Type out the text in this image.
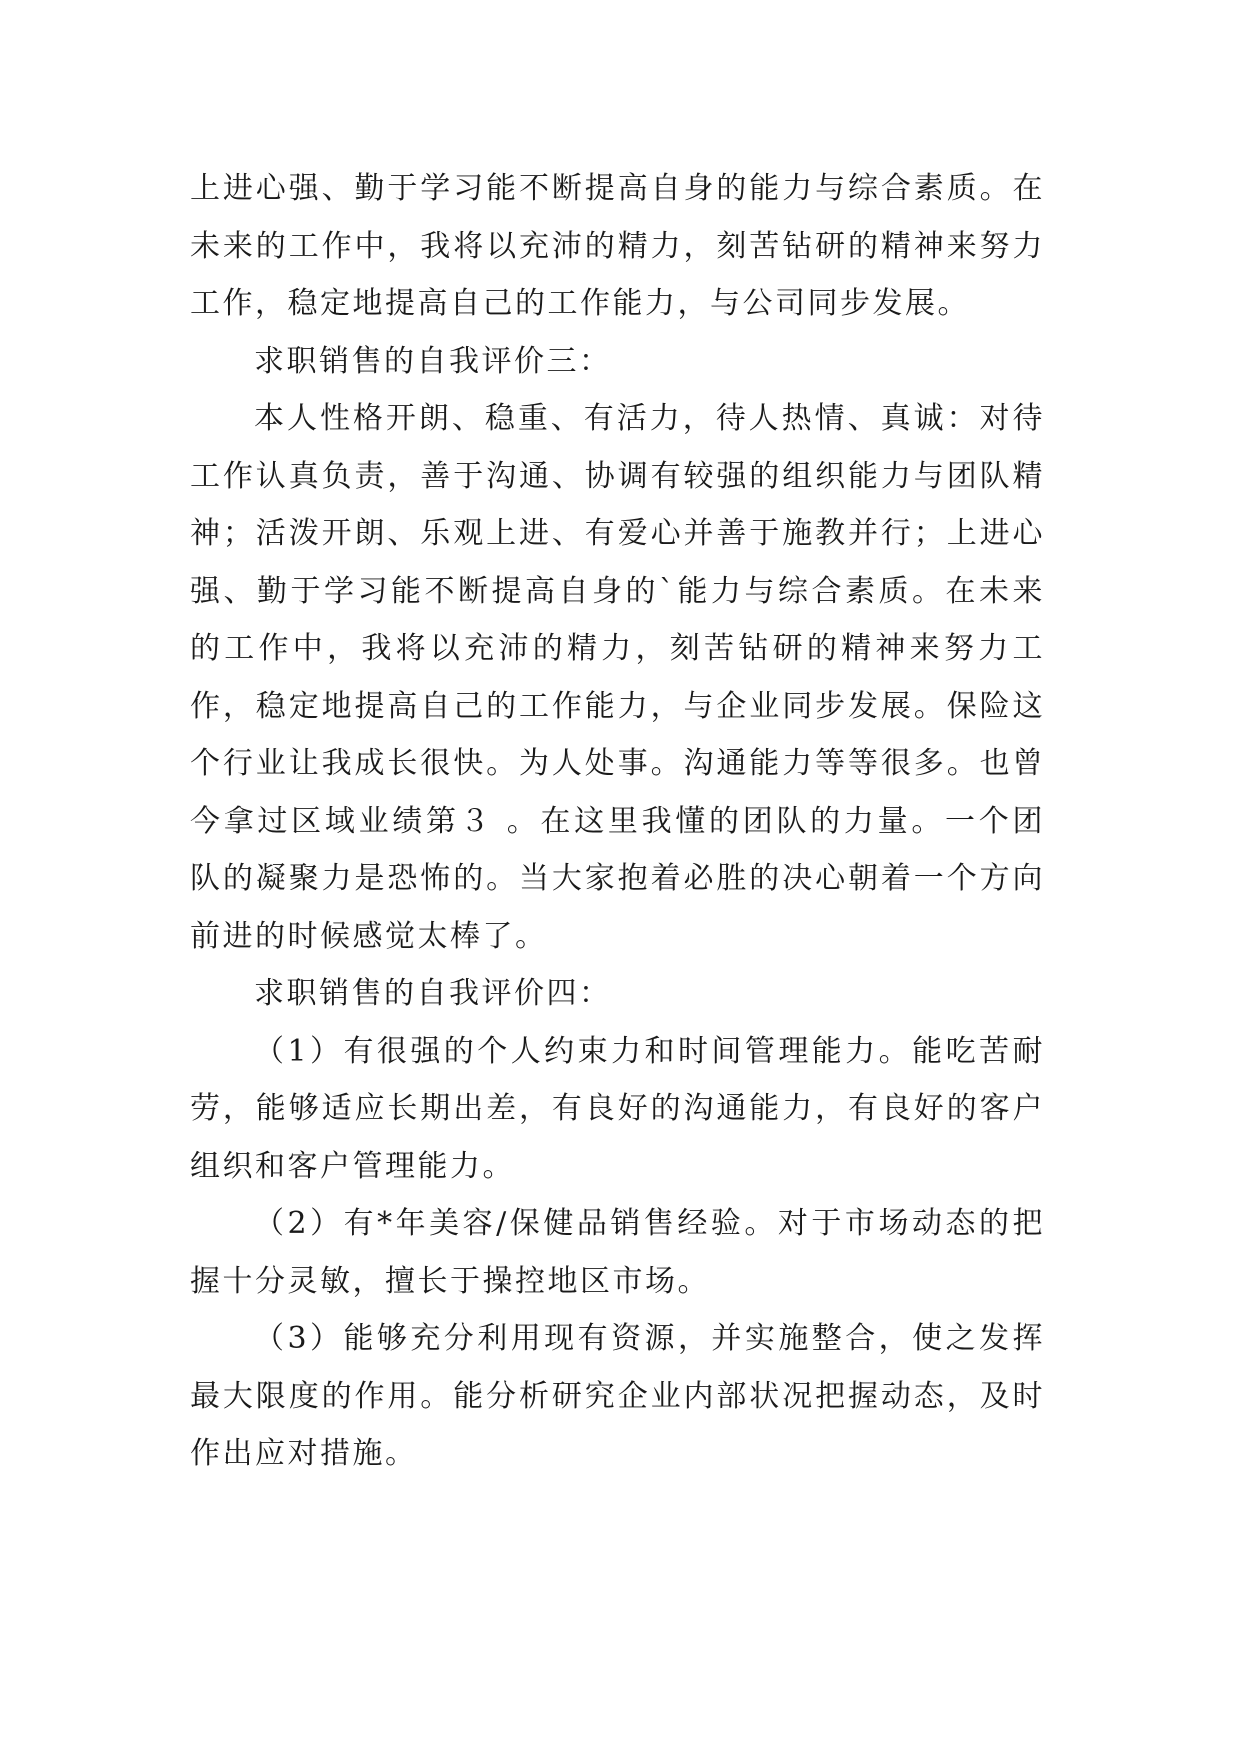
上进心强、勤于学习能不断提高自身的能力与综合素质。在未来的工作中，我将以充沛的精力，刻苦钻研的精神来努力工作，稳定地提高自己的工作能力，与公司同步发展。

求职销售的自我评价三：

本人性格开朗、稳重、有活力，待人热情、真诚：对待工作认真负责，善于沟通、协调有较强的组织能力与团队精神；活泼开朗、乐观上进、有爱心并善于施教并行；上进心强、勤于学习能不断提高自身的`能力与综合素质。在未来的工作中，我将以充沛的精力，刻苦钻研的精神来努力工作，稳定地提高自己的工作能力，与企业同步发展。保险这个行业让我成长很快。为人处事。沟通能力等等很多。也曾今拿过区域业绩第３ 。在这里我懂的团队的力量。一个团队的凝聚力是恐怖的。当大家抱着必胜的决心朝着一个方向前进的时候感觉太棒了。

求职销售的自我评价四：

（1）有很强的个人约束力和时间管理能力。能吃苦耐劳，能够适应长期出差，有良好的沟通能力，有良好的客户组织和客户管理能力。

（2）有*年美容/保健品销售经验。对于市场动态的把握十分灵敏，擅长于操控地区市场。

（3）能够充分利用现有资源，并实施整合，使之发挥最大限度的作用。能分析研究企业内部状况把握动态，及时作出应对措施。
